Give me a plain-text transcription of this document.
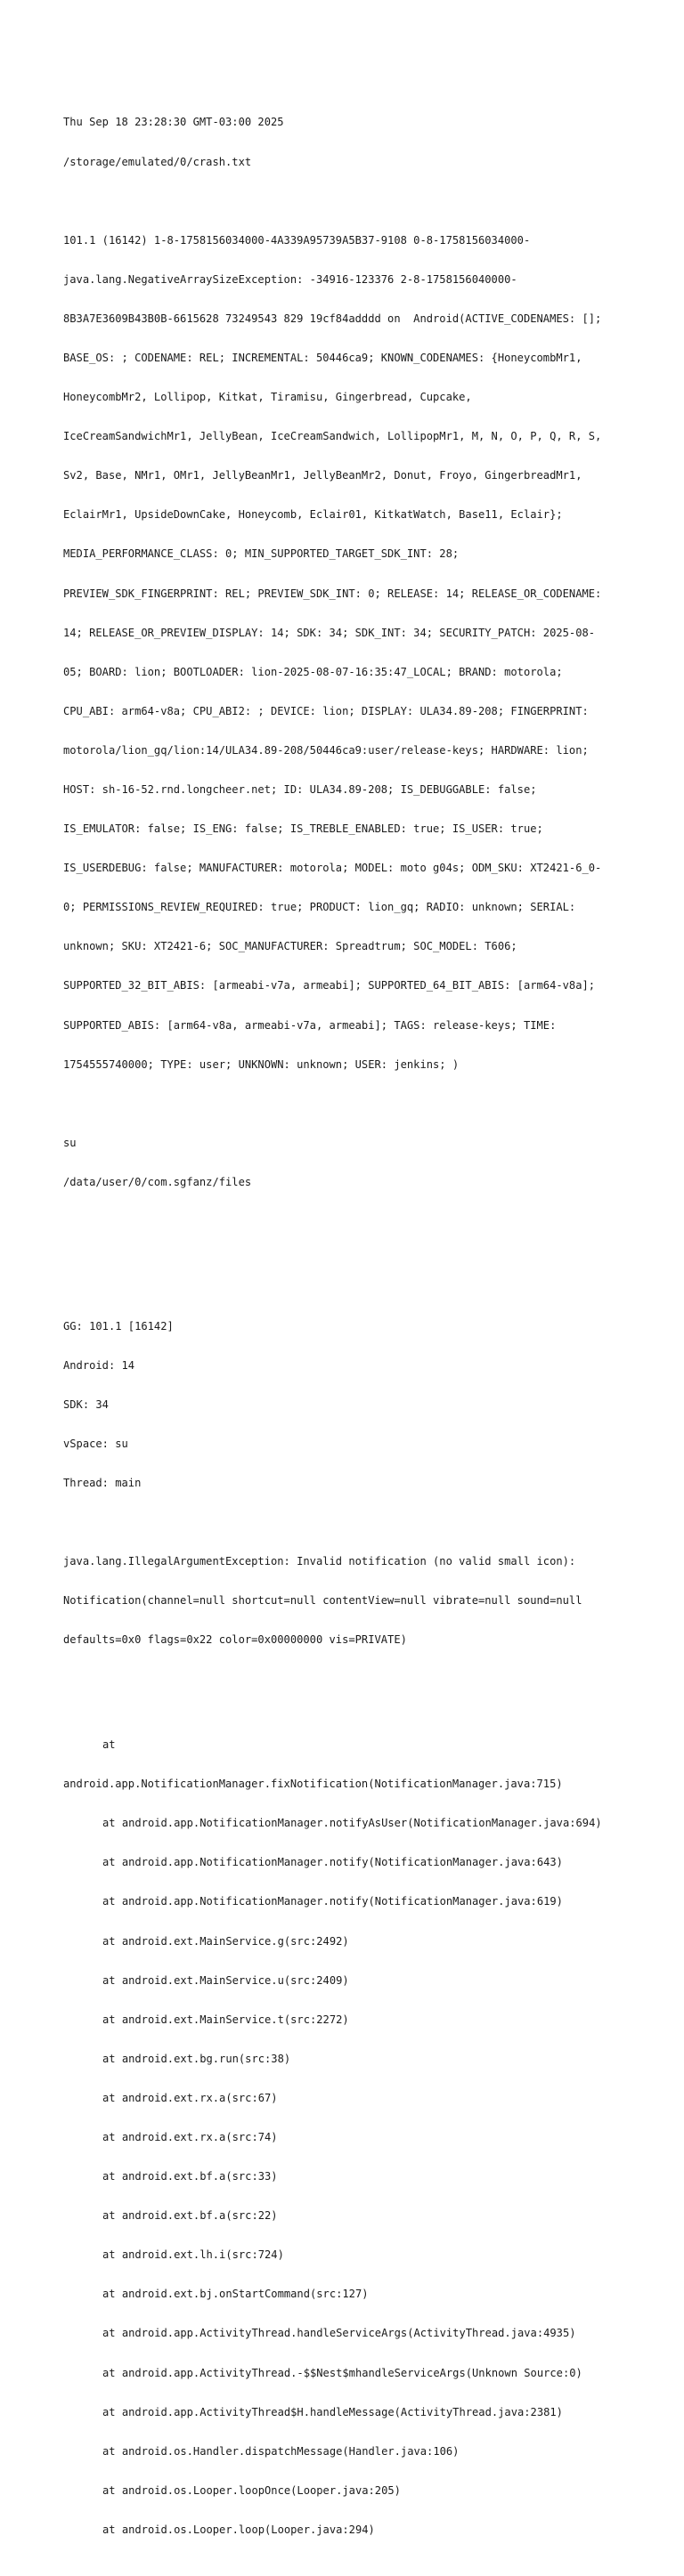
Thu Sep 18 23:28:30 GMT-03:00 2025

/storage/emulated/0/crash.txt

101.1 (16142) 1-8-1758156034000-4A339A95739A5B37-9108 0-8-1758156034000-

java.lang.NegativeArraySizeException: -34916-123376 2-8-1758156040000-

8B3A7E3609B43B0B-6615628 73249543 829 19cf84adddd on  Android(ACTIVE_CODENAMES: [];

BASE_OS: ; CODENAME: REL; INCREMENTAL: 50446ca9; KNOWN_CODENAMES: {HoneycombMr1,

HoneycombMr2, Lollipop, Kitkat, Tiramisu, Gingerbread, Cupcake,

IceCreamSandwichMr1, JellyBean, IceCreamSandwich, LollipopMr1, M, N, O, P, Q, R, S,

Sv2, Base, NMr1, OMr1, JellyBeanMr1, JellyBeanMr2, Donut, Froyo, GingerbreadMr1,

EclairMr1, UpsideDownCake, Honeycomb, Eclair01, KitkatWatch, Base11, Eclair};

MEDIA_PERFORMANCE_CLASS: 0; MIN_SUPPORTED_TARGET_SDK_INT: 28;

PREVIEW_SDK_FINGERPRINT: REL; PREVIEW_SDK_INT: 0; RELEASE: 14; RELEASE_OR_CODENAME:

14; RELEASE_OR_PREVIEW_DISPLAY: 14; SDK: 34; SDK_INT: 34; SECURITY_PATCH: 2025-08-

05; BOARD: lion; BOOTLOADER: lion-2025-08-07-16:35:47_LOCAL; BRAND: motorola;

CPU_ABI: arm64-v8a; CPU_ABI2: ; DEVICE: lion; DISPLAY: ULA34.89-208; FINGERPRINT:

motorola/lion_gq/lion:14/ULA34.89-208/50446ca9:user/release-keys; HARDWARE: lion;

HOST: sh-16-52.rnd.longcheer.net; ID: ULA34.89-208; IS_DEBUGGABLE: false;

IS_EMULATOR: false; IS_ENG: false; IS_TREBLE_ENABLED: true; IS_USER: true;

IS_USERDEBUG: false; MANUFACTURER: motorola; MODEL: moto g04s; ODM_SKU: XT2421-6_0-

0; PERMISSIONS_REVIEW_REQUIRED: true; PRODUCT: lion_gq; RADIO: unknown; SERIAL:

unknown; SKU: XT2421-6; SOC_MANUFACTURER: Spreadtrum; SOC_MODEL: T606;

SUPPORTED_32_BIT_ABIS: [armeabi-v7a, armeabi]; SUPPORTED_64_BIT_ABIS: [arm64-v8a];

SUPPORTED_ABIS: [arm64-v8a, armeabi-v7a, armeabi]; TAGS: release-keys; TIME:

1754555740000; TYPE: user; UNKNOWN: unknown; USER: jenkins; )

su

/data/user/0/com.sgfanz/files

GG: 101.1 [16142]

Android: 14

SDK: 34

vSpace: su

Thread: main

java.lang.IllegalArgumentException: Invalid notification (no valid small icon):

Notification(channel=null shortcut=null contentView=null vibrate=null sound=null

defaults=0x0 flags=0x22 color=0x00000000 vis=PRIVATE)

at

android.app.NotificationManager.fixNotification(NotificationManager.java:715)

at android.app.NotificationManager.notifyAsUser(NotificationManager.java:694)

at android.app.NotificationManager.notify(NotificationManager.java:643)

at android.app.NotificationManager.notify(NotificationManager.java:619)

at android.ext.MainService.g(src:2492)

at android.ext.MainService.u(src:2409)

at android.ext.MainService.t(src:2272)

at android.ext.bg.run(src:38)

at android.ext.rx.a(src:67)

at android.ext.rx.a(src:74)

at android.ext.bf.a(src:33)

at android.ext.bf.a(src:22)

at android.ext.lh.i(src:724)

at android.ext.bj.onStartCommand(src:127)

at android.app.ActivityThread.handleServiceArgs(ActivityThread.java:4935)

at android.app.ActivityThread.-$$Nest$mhandleServiceArgs(Unknown Source:0)

at android.app.ActivityThread$H.handleMessage(ActivityThread.java:2381)

at android.os.Handler.dispatchMessage(Handler.java:106)

at android.os.Looper.loopOnce(Looper.java:205)

at android.os.Looper.loop(Looper.java:294)
